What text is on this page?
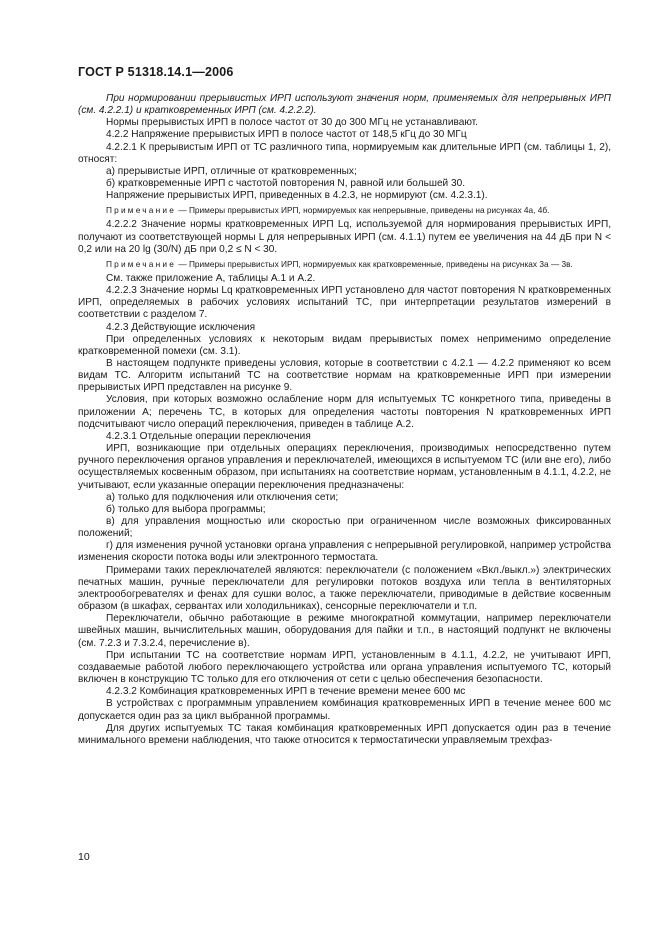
ГОСТ Р 51318.14.1—2006

При нормировании прерывистых ИРП используют значения норм, применяемых для непрерывных ИРП (см. 4.2.2.1) и кратковременных ИРП (см. 4.2.2.2).

Нормы прерывистых ИРП в полосе частот от 30 до 300 МГц не устанавливают.

4.2.2 Напряжение прерывистых ИРП в полосе частот от 148,5 кГц до 30 МГц

4.2.2.1 К прерывистым ИРП от ТС различного типа, нормируемым как длительные ИРП (см. таблицы 1, 2), относят:

а) прерывистые ИРП, отличные от кратковременных;

б) кратковременные ИРП с частотой повторения N, равной или большей 30.

Напряжение прерывистых ИРП, приведенных в 4.2.3, не нормируют (см. 4.2.3.1).

Примечание — Примеры прерывистых ИРП, нормируемых как непрерывные, приведены на рисунках 4а, 4б.

4.2.2.2 Значение нормы кратковременных ИРП Lq, используемой для нормирования прерывистых ИРП, получают из соответствующей нормы L для непрерывных ИРП (см. 4.1.1) путем ее увеличения на 44 дБ при N < 0,2 или на 20 lg (30/N) дБ при 0,2 ≤ N < 30.

Примечание — Примеры прерывистых ИРП, нормируемых как кратковременные, приведены на рисунках 3а — 3в.

См. также приложение А, таблицы А.1 и А.2.

4.2.2.3 Значение нормы Lq кратковременных ИРП установлено для частот повторения N кратковременных ИРП, определяемых в рабочих условиях испытаний ТС, при интерпретации результатов измерений в соответствии с разделом 7.

4.2.3 Действующие исключения

При определенных условиях к некоторым видам прерывистых помех неприменимо определение кратковременной помехи (см. 3.1).

В настоящем подпункте приведены условия, которые в соответствии с 4.2.1 — 4.2.2 применяют ко всем видам ТС. Алгоритм испытаний ТС на соответствие нормам на кратковременные ИРП при измерении прерывистых ИРП представлен на рисунке 9.

Условия, при которых возможно ослабление норм для испытуемых ТС конкретного типа, приведены в приложении А; перечень ТС, в которых для определения частоты повторения N кратковременных ИРП подсчитывают число операций переключения, приведен в таблице А.2.

4.2.3.1 Отдельные операции переключения

ИРП, возникающие при отдельных операциях переключения, производимых непосредственно путем ручного переключения органов управления и переключателей, имеющихся в испытуемом ТС (или вне его), либо осуществляемых косвенным образом, при испытаниях на соответствие нормам, установленным в 4.1.1, 4.2.2, не учитывают, если указанные операции переключения предназначены:

а) только для подключения или отключения сети;

б) только для выбора программы;

в) для управления мощностью или скоростью при ограниченном числе возможных фиксированных положений;

г) для изменения ручной установки органа управления с непрерывной регулировкой, например устройства изменения скорости потока воды или электронного термостата.

Примерами таких переключателей являются: переключатели (с положением «Вкл./выкл.») электрических печатных машин, ручные переключатели для регулировки потоков воздуха или тепла в вентиляторных электрообогревателях и фенах для сушки волос, а также переключатели, приводимые в действие косвенным образом (в шкафах, сервантах или холодильниках), сенсорные переключатели и т.п.

Переключатели, обычно работающие в режиме многократной коммутации, например переключатели швейных машин, вычислительных машин, оборудования для пайки и т.п., в настоящий подпункт не включены (см. 7.2.3 и 7.3.2.4, перечисление в).

При испытании ТС на соответствие нормам ИРП, установленным в 4.1.1, 4.2.2, не учитывают ИРП, создаваемые работой любого переключающего устройства или органа управления испытуемого ТС, который включен в конструкцию ТС только для его отключения от сети с целью обеспечения безопасности.

4.2.3.2 Комбинация кратковременных ИРП в течение времени менее 600 мс

В устройствах с программным управлением комбинация кратковременных ИРП в течение менее 600 мс допускается один раз за цикл выбранной программы.

Для других испытуемых ТС такая комбинация кратковременных ИРП допускается один раз в течение минимального времени наблюдения, что также относится к термостатически управляемым трехфаз-

10
